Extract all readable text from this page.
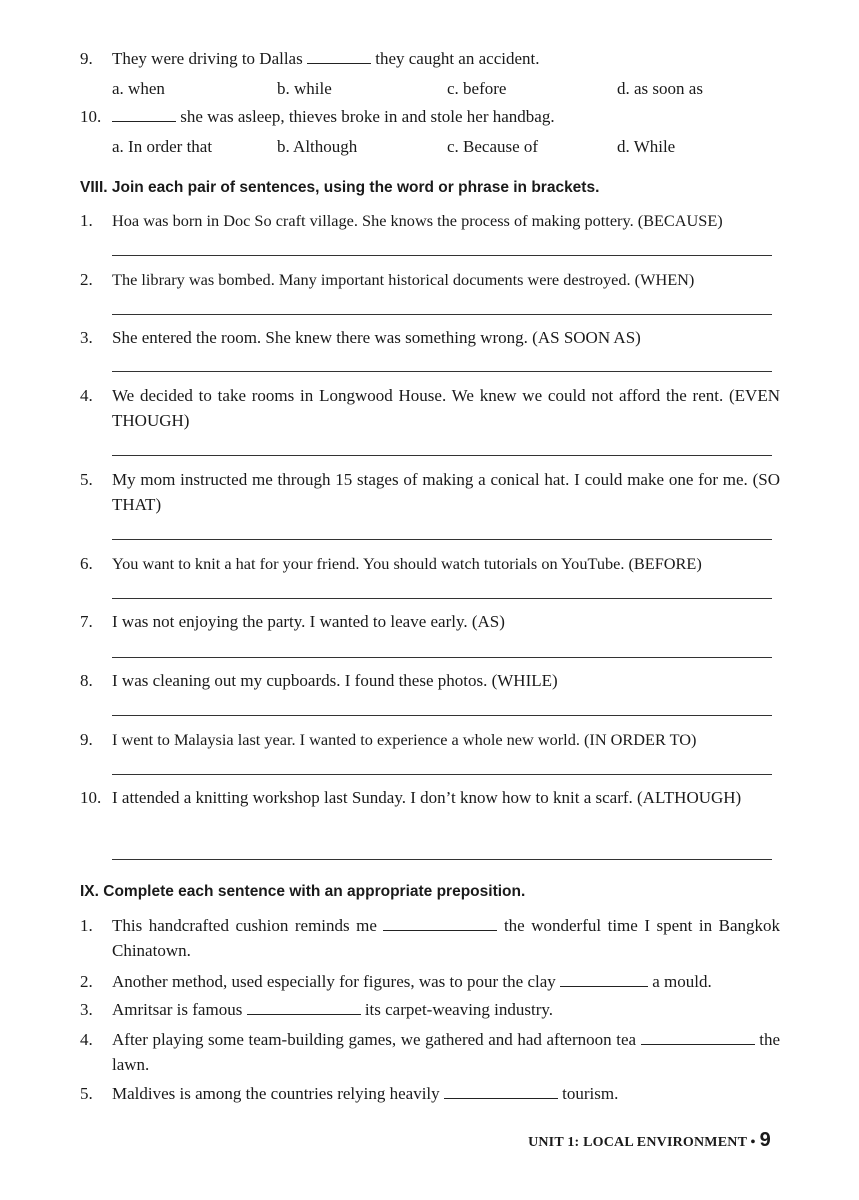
9. They were driving to Dallas	they caught an accident.
a. when	b. while	c. before	d. as soon as
10.	she was asleep, thieves broke in and stole her handbag.
a. In order that	b. Although	c. Because of	d. While
VIII. Join each pair of sentences, using the word or phrase in brackets.
1. Hoa was born in Doc So craft village. She knows the process of making pottery. (BECAUSE)
2. The library was bombed. Many important historical documents were destroyed. (WHEN)
3. She entered the room. She knew there was something wrong. (AS SOON AS)
4. We decided to take rooms in Longwood House. We knew we could not afford the rent. (EVEN THOUGH)
5. My mom instructed me through 15 stages of making a conical hat. I could make one for me. (SO THAT)
6. You want to knit a hat for your friend. You should watch tutorials on YouTube. (BEFORE)
7. I was not enjoying the party. I wanted to leave early. (AS)
8. I was cleaning out my cupboards. I found these photos. (WHILE)
9. I went to Malaysia last year. I wanted to experience a whole new world. (IN ORDER TO)
10. I attended a knitting workshop last Sunday. I don’t know how to knit a scarf. (ALTHOUGH)
IX. Complete each sentence with an appropriate preposition.
1. This handcrafted cushion reminds me	the wonderful time I spent in Bangkok Chinatown.
2. Another method, used especially for figures, was to pour the clay	a mould.
3. Amritsar is famous	its carpet-weaving industry.
4. After playing some team-building games, we gathered and had afternoon tea	the lawn.
5. Maldives is among the countries relying heavily	tourism.
UNIT 1: LOCAL ENVIRONMENT • 9
